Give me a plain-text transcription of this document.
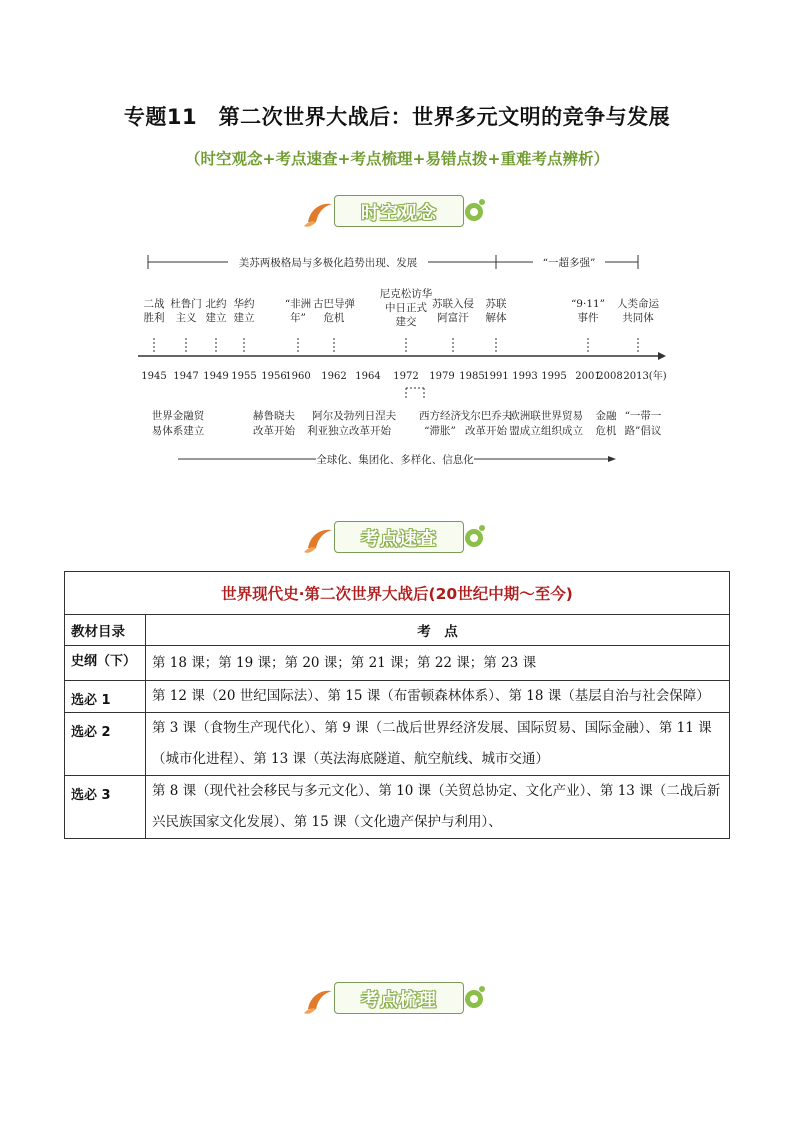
专题11　第二次世界大战后：世界多元文明的竞争与发展
（时空观念+考点速查+考点梳理+易错点拨+重难考点辨析）
时空观念
美苏两极格局与多极化趋势出现、发展	“一超多强”
二战
胜利
杜鲁门
主义
北约
建立
华约
建立
“非洲
年”
古巴导弹
危机
尼克松访华
中日正式
建交
苏联入侵
阿富汗
苏联
解体
“9·11”
事件
人类命运
共同体
1945 1947 1949 1955 1956
1960 1962 1964 1972 1979 1985
1991 1993 1995 2001
2008 2013(年)
世界金融贸
易体系建立
赫鲁晓夫
改革开始
阿尔及
利亚独立
勃列日涅夫
改革开始
西方经济
“滞胀”
戈尔巴乔夫
改革开始
欧洲联
盟成立
世界贸易
组织成立
金融
危机
“一带一
路”倡议
全球化、集团化、多样化、信息化
考点速查
世界现代史·第二次世界大战后(20世纪中期～至今)	
教材目录	考　点
史纲（下）	第 18 课；第 19 课；第 20 课；第 21 课；第 22 课；第 23 课
选必 1	第 12 课（20 世纪国际法）、第 15 课（布雷顿森林体系）、第 18 课（基层自治与社会保障）
选必 2	第 3 课（食物生产现代化）、第 9 课（二战后世界经济发展、国际贸易、国际金融）、第 11 课（城市化进程）、第 13 课（英法海底隧道、航空航线、城市交通）
选必 3	第 8 课（现代社会移民与多元文化）、第 10 课（关贸总协定、文化产业）、第 13 课（二战后新兴民族国家文化发展）、第 15 课（文化遗产保护与利用）、
考点梳理
